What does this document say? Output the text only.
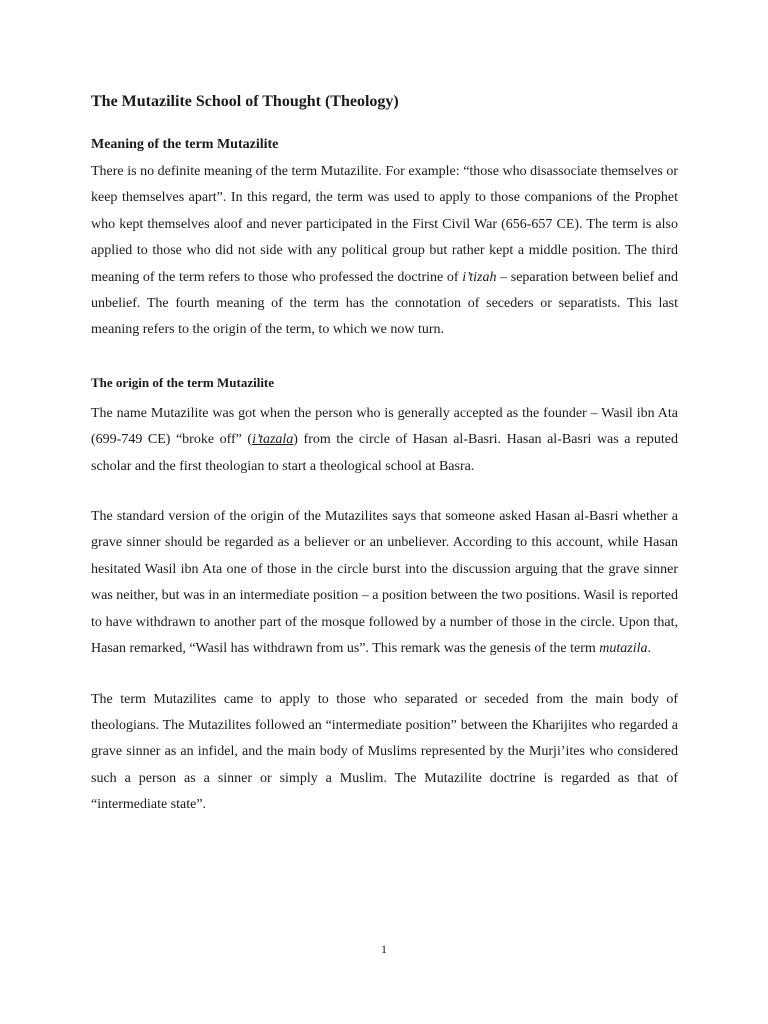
The Mutazilite School of Thought (Theology)
Meaning of the term Mutazilite

There is no definite meaning of the term Mutazilite. For example: “those who disassociate themselves or keep themselves apart”. In this regard, the term was used to apply to those companions of the Prophet who kept themselves aloof and never participated in the First Civil War (656-657 CE). The term is also applied to those who did not side with any political group but rather kept a middle position. The third meaning of the term refers to those who professed the doctrine of i’tizah – separation between belief and unbelief. The fourth meaning of the term has the connotation of seceders or separatists. This last meaning refers to the origin of the term, to which we now turn.

The origin of the term Mutazilite

The name Mutazilite was got when the person who is generally accepted as the founder – Wasil ibn Ata (699-749 CE) “broke off” (i’tazala) from the circle of Hasan al-Basri. Hasan al-Basri was a reputed scholar and the first theologian to start a theological school at Basra.

The standard version of the origin of the Mutazilites says that someone asked Hasan al-Basri whether a grave sinner should be regarded as a believer or an unbeliever. According to this account, while Hasan hesitated Wasil ibn Ata one of those in the circle burst into the discussion arguing that the grave sinner was neither, but was in an intermediate position – a position between the two positions. Wasil is reported to have withdrawn to another part of the mosque followed by a number of those in the circle. Upon that, Hasan remarked, “Wasil has withdrawn from us”. This remark was the genesis of the term mutazila.

The term Mutazilites came to apply to those who separated or seceded from the main body of theologians. The Mutazilites followed an “intermediate position” between the Kharijites who regarded a grave sinner as an infidel, and the main body of Muslims represented by the Murji’ites who considered such a person as a sinner or simply a Muslim. The Mutazilite doctrine is regarded as that of “intermediate state”.

1
